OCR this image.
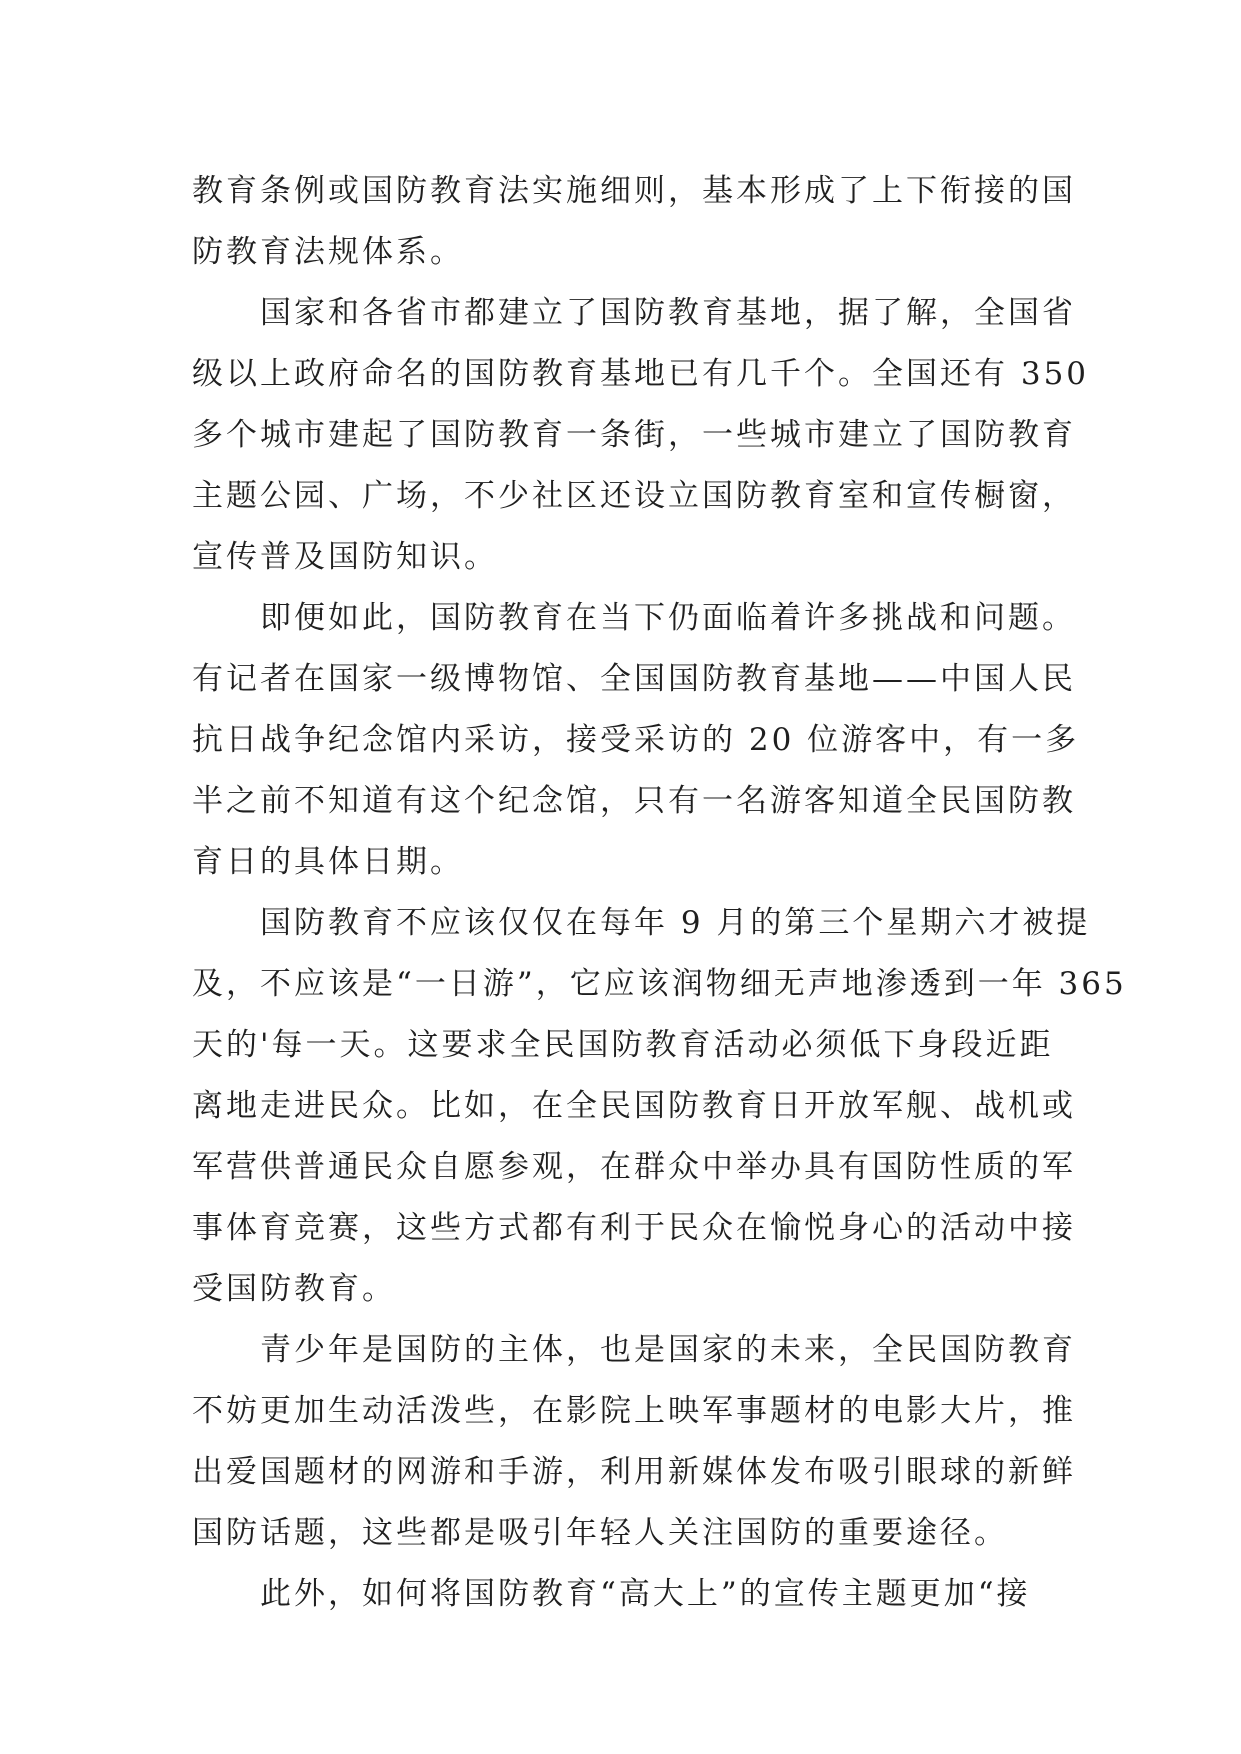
教育条例或国防教育法实施细则，基本形成了上下衔接的国
防教育法规体系。
　　国家和各省市都建立了国防教育基地，据了解，全国省
级以上政府命名的国防教育基地已有几千个。全国还有 350
多个城市建起了国防教育一条街，一些城市建立了国防教育
主题公园、广场，不少社区还设立国防教育室和宣传橱窗，
宣传普及国防知识。
　　即便如此，国防教育在当下仍面临着许多挑战和问题。
有记者在国家一级博物馆、全国国防教育基地——中国人民
抗日战争纪念馆内采访，接受采访的 20 位游客中，有一多
半之前不知道有这个纪念馆，只有一名游客知道全民国防教
育日的具体日期。
　　国防教育不应该仅仅在每年 9 月的第三个星期六才被提
及，不应该是“一日游”，它应该润物细无声地渗透到一年 365
天的'每一天。这要求全民国防教育活动必须低下身段近距
离地走进民众。比如，在全民国防教育日开放军舰、战机或
军营供普通民众自愿参观，在群众中举办具有国防性质的军
事体育竞赛，这些方式都有利于民众在愉悦身心的活动中接
受国防教育。
　　青少年是国防的主体，也是国家的未来，全民国防教育
不妨更加生动活泼些，在影院上映军事题材的电影大片，推
出爱国题材的网游和手游，利用新媒体发布吸引眼球的新鲜
国防话题，这些都是吸引年轻人关注国防的重要途径。
　　此外，如何将国防教育“高大上”的宣传主题更加“接
